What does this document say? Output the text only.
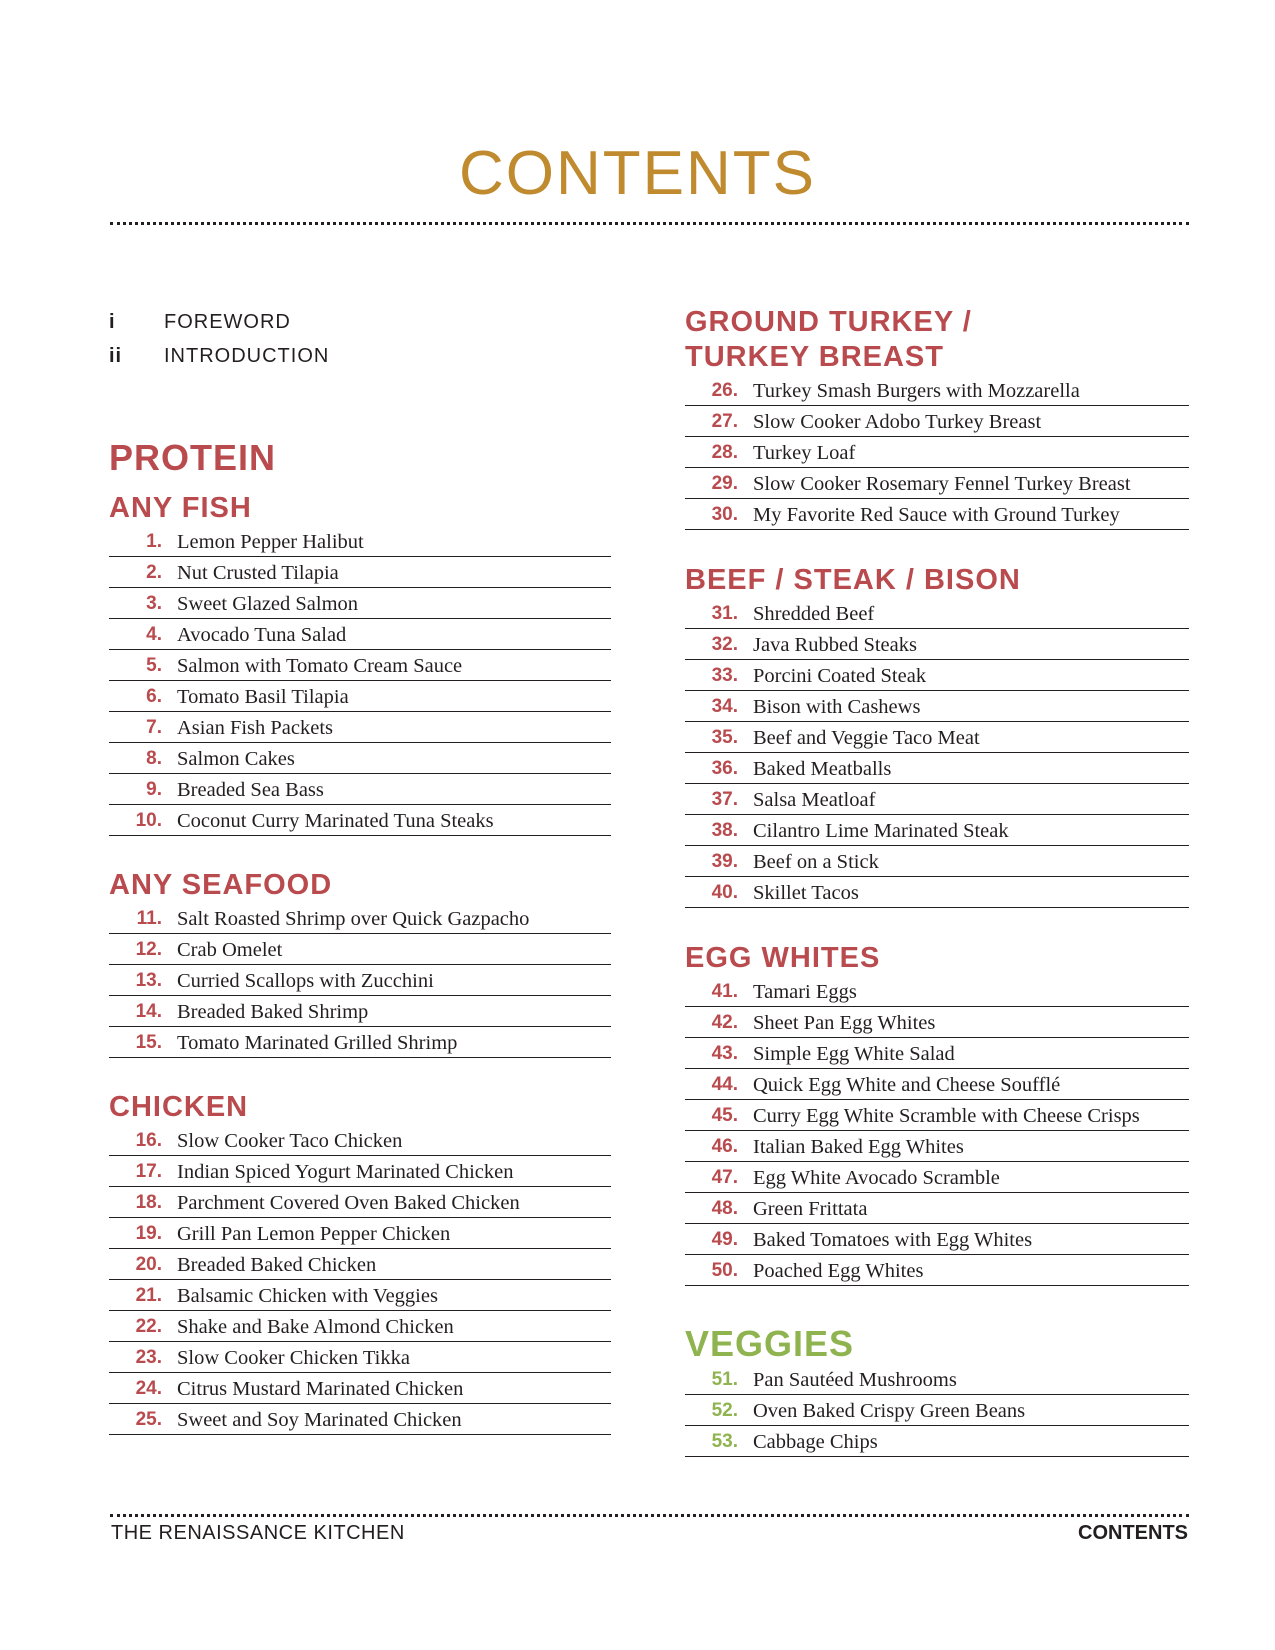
CONTENTS
i	FOREWORD
ii	INTRODUCTION
PROTEIN
ANY FISH
1. Lemon Pepper Halibut
2. Nut Crusted Tilapia
3. Sweet Glazed Salmon
4. Avocado Tuna Salad
5. Salmon with Tomato Cream Sauce
6. Tomato Basil Tilapia
7. Asian Fish Packets
8. Salmon Cakes
9. Breaded Sea Bass
10. Coconut Curry Marinated Tuna Steaks
ANY SEAFOOD
11. Salt Roasted Shrimp over Quick Gazpacho
12. Crab Omelet
13. Curried Scallops with Zucchini
14. Breaded Baked Shrimp
15. Tomato Marinated Grilled Shrimp
CHICKEN
16. Slow Cooker Taco Chicken
17. Indian Spiced Yogurt Marinated Chicken
18. Parchment Covered Oven Baked Chicken
19. Grill Pan Lemon Pepper Chicken
20. Breaded Baked Chicken
21. Balsamic Chicken with Veggies
22. Shake and Bake Almond Chicken
23. Slow Cooker Chicken Tikka
24. Citrus Mustard Marinated Chicken
25. Sweet and Soy Marinated Chicken
GROUND TURKEY /
TURKEY BREAST
26. Turkey Smash Burgers with Mozzarella
27. Slow Cooker Adobo Turkey Breast
28. Turkey Loaf
29. Slow Cooker Rosemary Fennel Turkey Breast
30. My Favorite Red Sauce with Ground Turkey
BEEF / STEAK / BISON
31. Shredded Beef
32. Java Rubbed Steaks
33. Porcini Coated Steak
34. Bison with Cashews
35. Beef and Veggie Taco Meat
36. Baked Meatballs
37. Salsa Meatloaf
38. Cilantro Lime Marinated Steak
39. Beef on a Stick
40. Skillet Tacos
EGG WHITES
41. Tamari Eggs
42. Sheet Pan Egg Whites
43. Simple Egg White Salad
44. Quick Egg White and Cheese Soufflé
45. Curry Egg White Scramble with Cheese Crisps
46. Italian Baked Egg Whites
47. Egg White Avocado Scramble
48. Green Frittata
49. Baked Tomatoes with Egg Whites
50. Poached Egg Whites
VEGGIES
51. Pan Sautéed Mushrooms
52. Oven Baked Crispy Green Beans
53. Cabbage Chips
THE RENAISSANCE KITCHEN	CONTENTS
